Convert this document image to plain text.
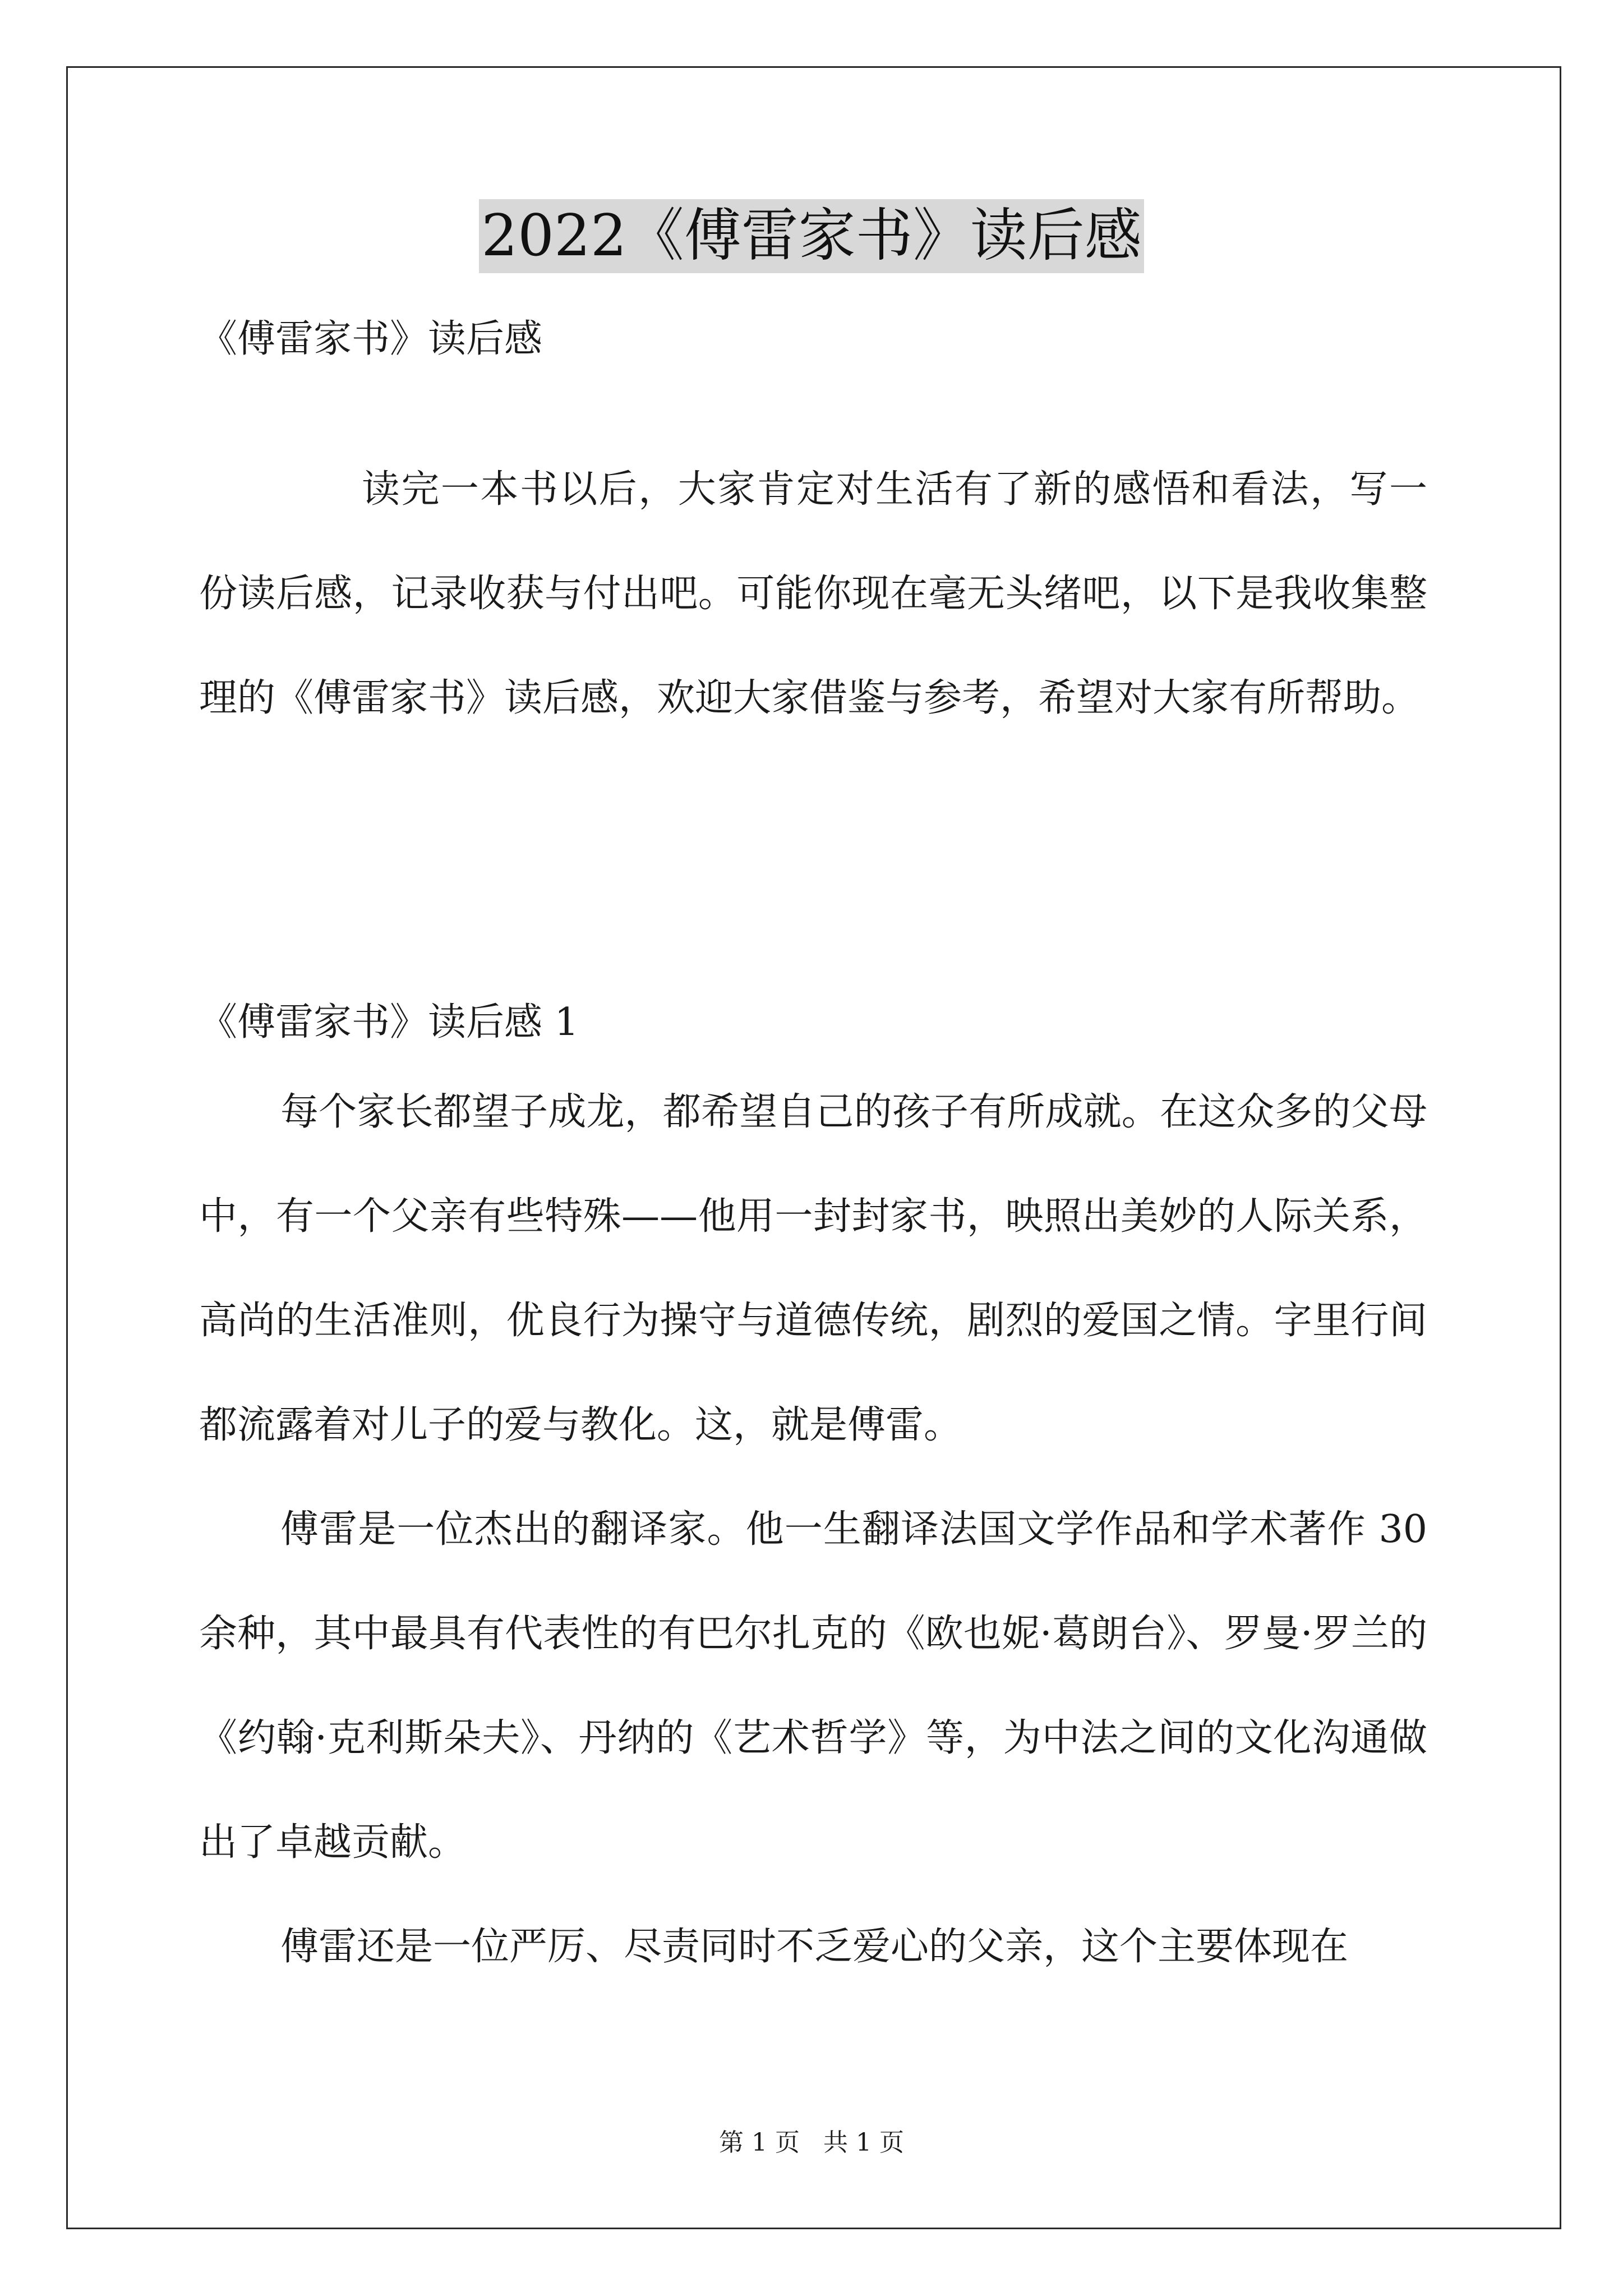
2022《傅雷家书》读后感
《傅雷家书》读后感

读完一本书以后，大家肯定对生活有了新的感悟和看法，写一份读后感，记录收获与付出吧。可能你现在毫无头绪吧，以下是我收集整理的《傅雷家书》读后感，欢迎大家借鉴与参考，希望对大家有所帮助。

《傅雷家书》读后感 1

每个家长都望子成龙，都希望自己的孩子有所成就。在这众多的父母中，有一个父亲有些特殊——他用一封封家书，映照出美妙的人际关系，高尚的生活准则，优良行为操守与道德传统，剧烈的爱国之情。字里行间都流露着对儿子的爱与教化。这，就是傅雷。

傅雷是一位杰出的翻译家。他一生翻译法国文学作品和学术著作 30 余种，其中最具有代表性的有巴尔扎克的《欧也妮·葛朗台》、罗曼·罗兰的《约翰·克利斯朵夫》、丹纳的《艺术哲学》等，为中法之间的文化沟通做出了卓越贡献。

傅雷还是一位严厉、尽责同时不乏爱心的父亲，这个主要体现在

第 1 页 共 1 页
